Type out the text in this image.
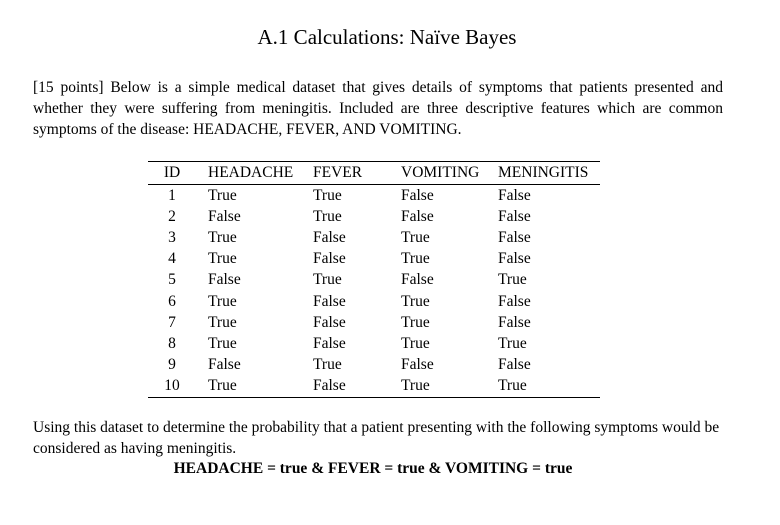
A.1 Calculations: Naïve Bayes

[15 points] Below is a simple medical dataset that gives details of symptoms that patients presented and whether they were suffering from meningitis. Included are three descriptive features which are common symptoms of the disease: HEADACHE, FEVER, AND VOMITING.

ID	HEADACHE	FEVER	VOMITING	MENINGITIS
1	True	True	False	False
2	False	True	False	False
3	True	False	True	False
4	True	False	True	False
5	False	True	False	True
6	True	False	True	False
7	True	False	True	False
8	True	False	True	True
9	False	True	False	False
10	True	False	True	True

Using this dataset to determine the probability that a patient presenting with the following symptoms would be considered as having meningitis.

HEADACHE = true & FEVER = true & VOMITING = true
